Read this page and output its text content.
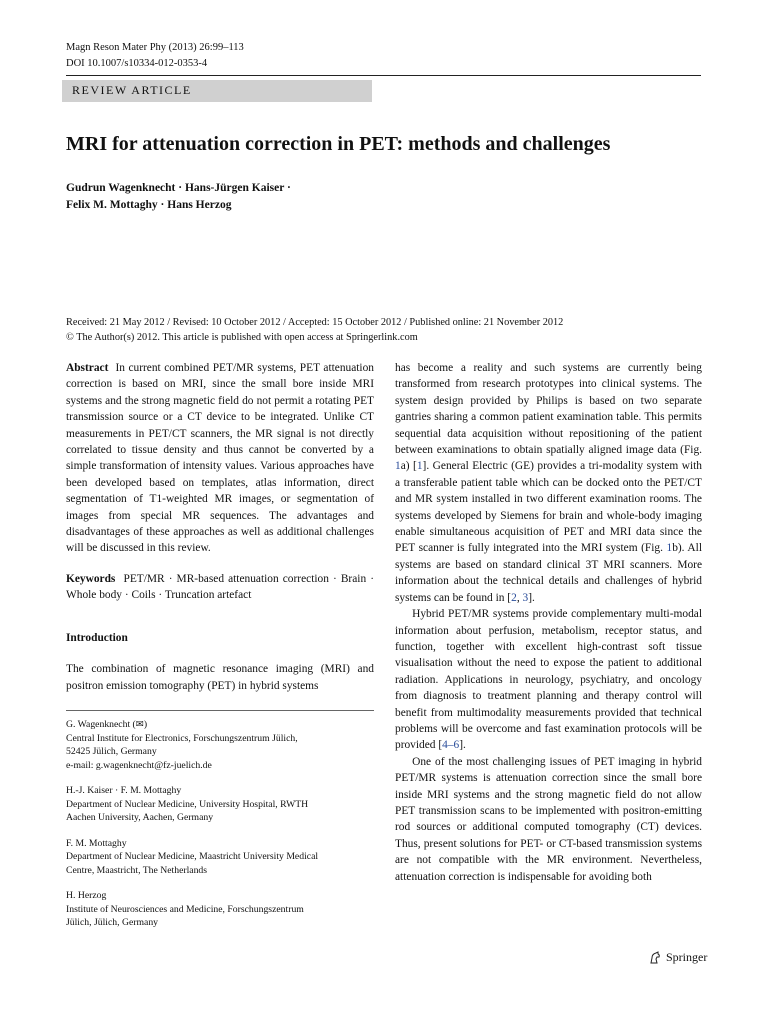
Magn Reson Mater Phy (2013) 26:99–113
DOI 10.1007/s10334-012-0353-4
REVIEW ARTICLE
MRI for attenuation correction in PET: methods and challenges
Gudrun Wagenknecht · Hans-Jürgen Kaiser ·
Felix M. Mottaghy · Hans Herzog
Received: 21 May 2012 / Revised: 10 October 2012 / Accepted: 15 October 2012 / Published online: 21 November 2012
© The Author(s) 2012. This article is published with open access at Springerlink.com

Abstract In current combined PET/MR systems, PET attenuation correction is based on MRI, since the small bore inside MRI systems and the strong magnetic field do not permit a rotating PET transmission source or a CT device to be integrated. Unlike CT measurements in PET/CT scanners, the MR signal is not directly correlated to tissue density and thus cannot be converted by a simple transformation of intensity values. Various approaches have been developed based on templates, atlas information, direct segmentation of T1-weighted MR images, or segmentation of images from special MR sequences. The advantages and disadvantages of these approaches as well as additional challenges will be discussed in this review.

Keywords PET/MR · MR-based attenuation correction · Brain · Whole body · Coils · Truncation artefact

Introduction

The combination of magnetic resonance imaging (MRI) and positron emission tomography (PET) in hybrid systems

G. Wagenknecht (✉)
Central Institute for Electronics, Forschungszentrum Jülich,
52425 Jülich, Germany
e-mail: g.wagenknecht@fz-juelich.de
H.-J. Kaiser · F. M. Mottaghy
Department of Nuclear Medicine, University Hospital, RWTH
Aachen University, Aachen, Germany
F. M. Mottaghy
Department of Nuclear Medicine, Maastricht University Medical
Centre, Maastricht, The Netherlands
H. Herzog
Institute of Neurosciences and Medicine, Forschungszentrum
Jülich, Jülich, Germany

has become a reality and such systems are currently being transformed from research prototypes into clinical systems. The system design provided by Philips is based on two separate gantries sharing a common patient examination table. This permits sequential data acquisition without repositioning of the patient between examinations to obtain spatially aligned image data (Fig. 1a) [1]. General Electric (GE) provides a tri-modality system with a transferable patient table which can be docked onto the PET/CT and MR system installed in two different examination rooms. The systems developed by Siemens for brain and whole-body imaging enable simultaneous acquisition of PET and MRI data since the PET scanner is fully integrated into the MRI system (Fig. 1b). All systems are based on standard clinical 3T MRI scanners. More information about the technical details and challenges of hybrid systems can be found in [2, 3].

Hybrid PET/MR systems provide complementary multi-modal information about perfusion, metabolism, receptor status, and function, together with excellent high-contrast soft tissue visualisation without the need to expose the patient to additional radiation. Applications in neurology, psychiatry, and oncology from diagnosis to treatment planning and therapy control will benefit from multimodality measurements provided that technical problems will be overcome and fast examination protocols will be provided [4–6].

One of the most challenging issues of PET imaging in hybrid PET/MR systems is attenuation correction since the small bore inside MRI systems and the strong magnetic field do not allow PET transmission scans to be implemented with positron-emitting rod sources or additional computed tomography (CT) devices. Thus, present solutions for PET- or CT-based transmission systems are not compatible with the MR environment. Nevertheless, attenuation correction is indispensable for avoiding both

Springer
